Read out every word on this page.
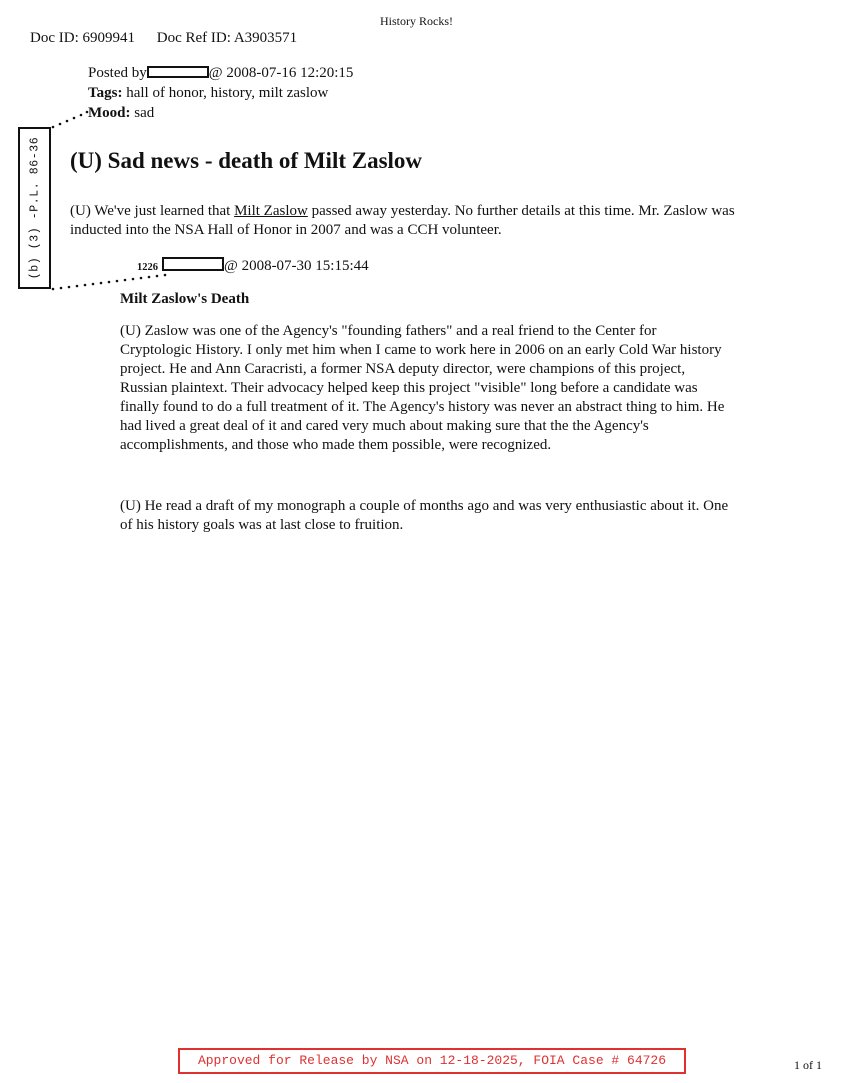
History Rocks!
Doc ID: 6909941 Doc Ref ID: A3903571
Posted by	@ 2008-07-16 12:20:15
Tags: hall of honor, history, milt zaslow
Mood: sad
(b) (3) -P.L. 86-36 (U) Sad news - death of Milt Zaslow

(U) We've just learned that Milt Zaslow passed away yesterday. No further details at this time. Mr. Zaslow was inducted into the NSA Hall of Honor in 2007 and was a CCH volunteer.

1226	@ 2008-07-30 15:15:44
Milt Zaslow's Death

(U) Zaslow was one of the Agency's "founding fathers" and a real friend to the Center for Cryptologic History. I only met him when I came to work here in 2006 on an early Cold War history project. He and Ann Caracristi, a former NSA deputy director, were champions of this project, Russian plaintext. Their advocacy helped keep this project "visible" long before a candidate was finally found to do a full treatment of it. The Agency's history was never an abstract thing to him. He had lived a great deal of it and cared very much about making sure that the the Agency's accomplishments, and those who made them possible, were recognized.

(U) He read a draft of my monograph a couple of months ago and was very enthusiastic about it. One of his history goals was at last close to fruition.

Approved for Release by NSA on 12-18-2025, FOIA Case # 64726	1 of 1
